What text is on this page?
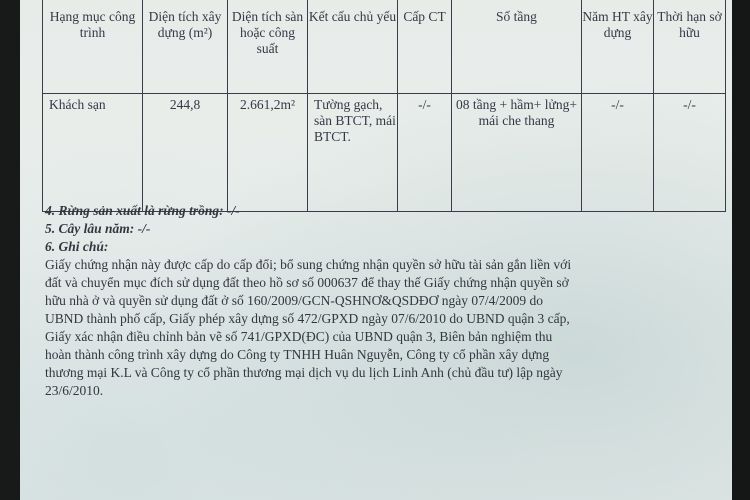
Hạng mục công trình	Diện tích xây dựng (m²)	Diện tích sàn hoặc công suất	Kết cấu chủ yếu	Cấp CT	Số tầng	Năm HT xây dựng	Thời hạn sở hữu
Khách sạn	244,8	2.661,2m²	Tường gạch, sàn BTCT, mái BTCT.	-/-	08 tầng + hầm+ lửng+ mái che thang	-/-	-/-
4. Rừng sản xuất là rừng trồng: -/-
5. Cây lâu năm: -/-
6. Ghi chú:
Giấy chứng nhận này được cấp do cấp đổi; bổ sung chứng nhận quyền sở hữu tài sản gắn liền với
đất và chuyển mục đích sử dụng đất theo hồ sơ số 000637 để thay thế Giấy chứng nhận quyền sở
hữu nhà ở và quyền sử dụng đất ở số 160/2009/GCN-QSHNƠ&QSDĐƠ ngày 07/4/2009 do
UBND thành phố cấp, Giấy phép xây dựng số 472/GPXD ngày 07/6/2010 do UBND quận 3 cấp,
Giấy xác nhận điều chỉnh bản vẽ số 741/GPXD(ĐC) của UBND quận 3, Biên bản nghiệm thu
hoàn thành công trình xây dựng do Công ty TNHH Huân Nguyễn, Công ty cổ phần xây dựng
thương mại K.L và Công ty cổ phần thương mại dịch vụ du lịch Linh Anh (chủ đầu tư) lập ngày
23/6/2010.
